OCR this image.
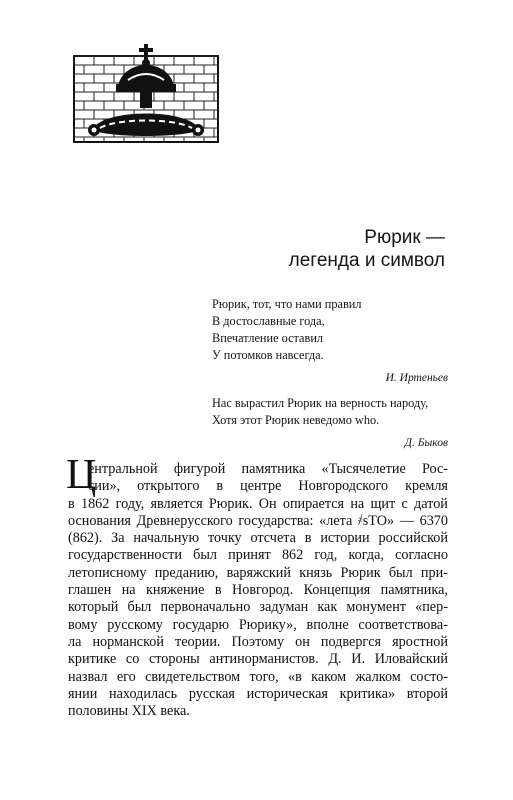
Рюрик —
легенда и символ
Рюрик, тот, что нами правил
В достославные года,
Впечатление оставил
У потомков навсегда.
И. Иртеньев
Нас вырастил Рюрик на верность народу,
Хотя этот Рюрик неведомо who.
Д. Быков
Ц
ентральной фигурой памятника «Тысячелетие Рос-
сии», открытого в центре Новгородского кремля
в 1862 году, является Рюрик. Он опирается на щит с датой
основания Древнерусского государства: «лета ҂ѕТО» — 6370
(862). За начальную точку отсчета в истории российской
государственности был принят 862 год, когда, согласно
летописному преданию, варяжский князь Рюрик был при-
глашен на княжение в Новгород. Концепция памятника,
который был первоначально задуман как монумент «пер-
вому русскому государю Рюрику», вполне соответствова-
ла норманской теории. Поэтому он подвергся яростной
критике со стороны антинорманистов. Д. И. Иловайский
назвал его свидетельством того, «в каком жалком состо-
янии находилась русская историческая критика» второй
половины XIX века.
